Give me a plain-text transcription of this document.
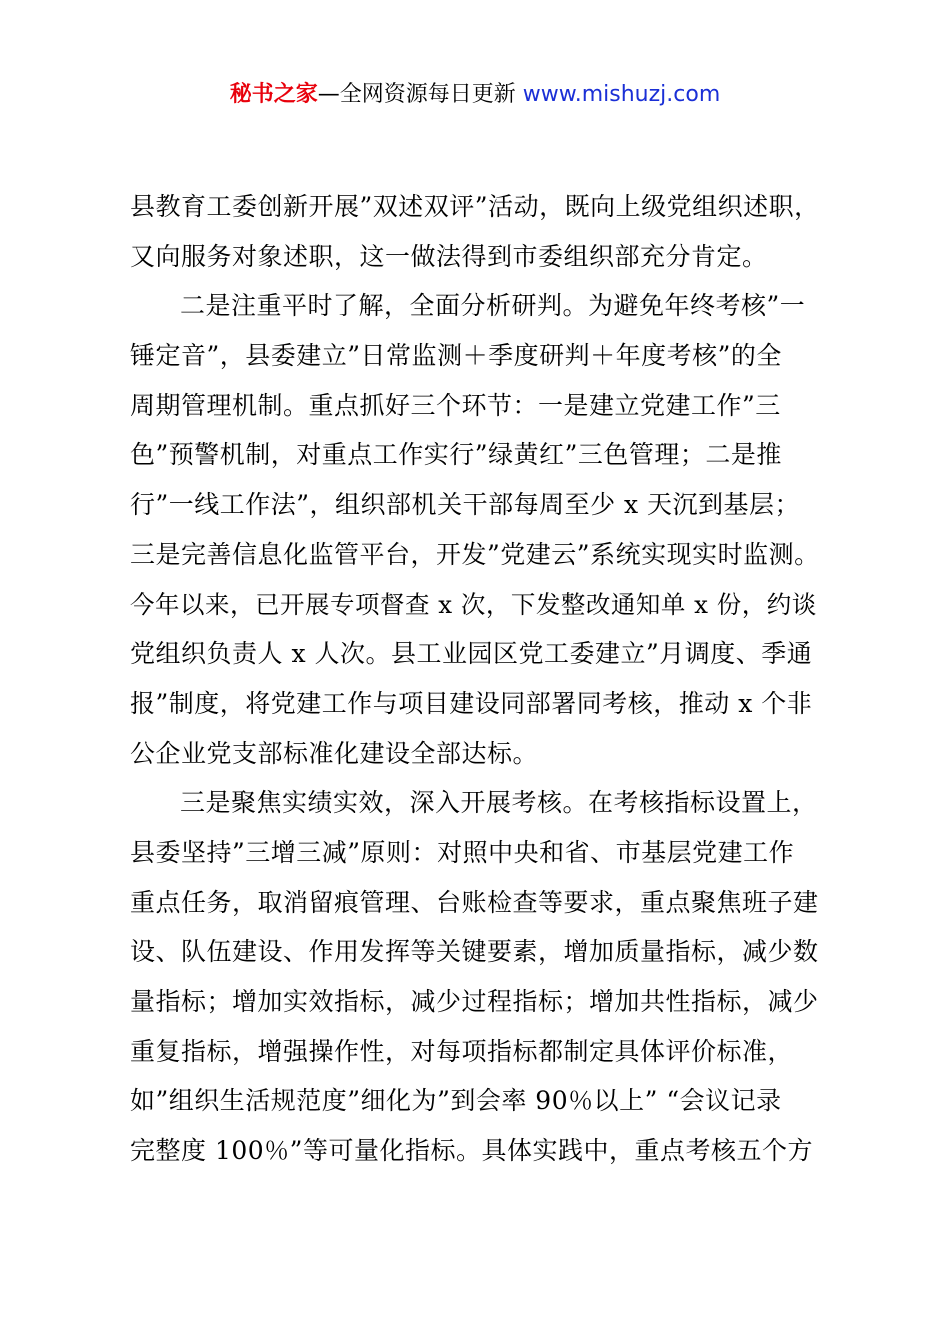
秘书之家—全网资源每日更新 www.mishuzj.com
县教育工委创新开展”双述双评”活动，既向上级党组织述职，
又向服务对象述职，这一做法得到市委组织部充分肯定。
二是注重平时了解，全面分析研判。为避免年终考核”一
锤定音”，县委建立”日常监测＋季度研判＋年度考核”的全
周期管理机制。重点抓好三个环节：一是建立党建工作”三
色”预警机制，对重点工作实行”绿黄红”三色管理；二是推
行”一线工作法”，组织部机关干部每周至少 x 天沉到基层；
三是完善信息化监管平台，开发”党建云”系统实现实时监测。
今年以来，已开展专项督查 x 次，下发整改通知单 x 份，约谈
党组织负责人 x 人次。县工业园区党工委建立”月调度、季通
报”制度，将党建工作与项目建设同部署同考核，推动 x 个非
公企业党支部标准化建设全部达标。
三是聚焦实绩实效，深入开展考核。在考核指标设置上，
县委坚持”三增三减”原则：对照中央和省、市基层党建工作
重点任务，取消留痕管理、台账检查等要求，重点聚焦班子建
设、队伍建设、作用发挥等关键要素，增加质量指标，减少数
量指标；增加实效指标，减少过程指标；增加共性指标，减少
重复指标，增强操作性，对每项指标都制定具体评价标准，
如”组织生活规范度”细化为”到会率 90％以上” “会议记录
完整度 100％”等可量化指标。具体实践中，重点考核五个方
